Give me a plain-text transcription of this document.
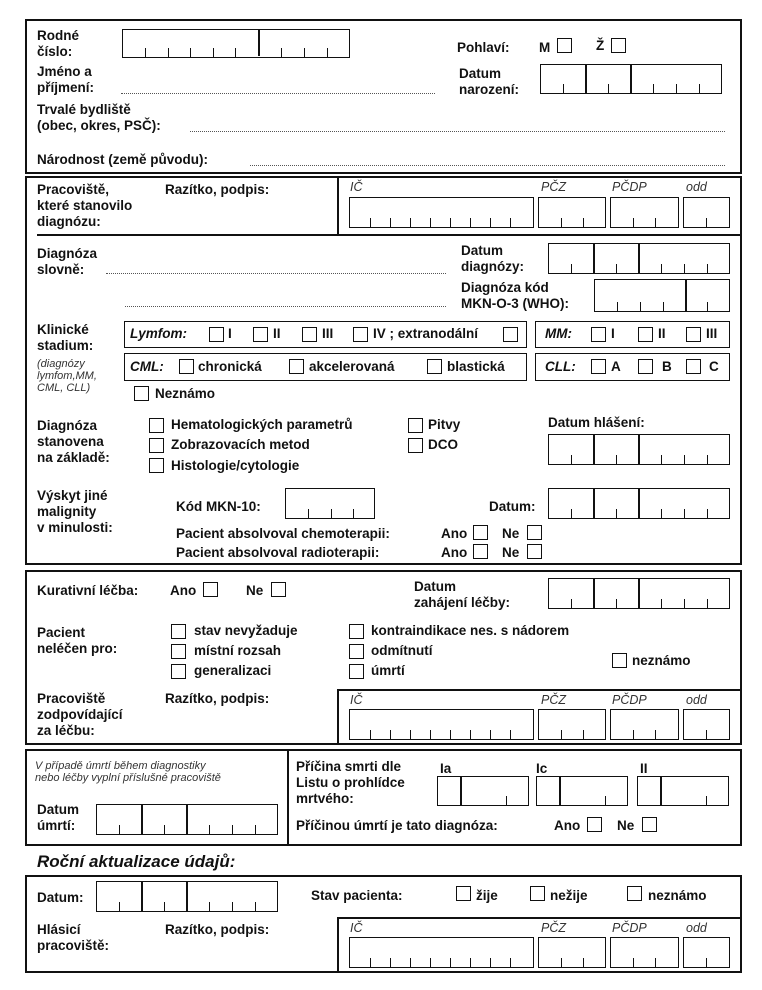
Rodné
číslo:	Pohlaví: M	Ž
Jméno a
příjmení:
Datum
narození:
Trvalé bydliště
(obec, okres, PSČ):
Národnost (země původu):
Pracoviště,
které stanovilo
diagnózu:
Razítko, podpis:	IČ	PČZ	PČDP	odd
Diagnóza
slovně:
Datum
diagnózy:
Diagnóza kód
MKN-O-3 (WHO):
Klinické
stadium:
(diagnózy
lymfom,MM,
CML, CLL)
Lymfom:	I	II	III	IV ; extranodální	MM:	I	II	III
CML:	chronická	akcelerovaná	blastická	CLL:	A	B	C
Neznámo
Diagnóza
stanovena
na základě:
Hematologických parametrů
Zobrazovacích metod
Histologie/cytologie
Pitvy
DCO
Datum hlášení:
Výskyt jiné
malignity
v minulosti:
Kód MKN-10:	Datum:
Pacient absolvoval chemoterapii:	Ano	Ne
Pacient absolvoval radioterapii:	Ano	Ne
Kurativní léčba: Ano	Ne	Datum
zahájení léčby:
Pacient
neléčen pro:
stav nevyžaduje
místní rozsah
generalizaci
kontraindikace nes. s nádorem
odmítnutí
úmrtí
neznámo
Pracoviště
zodpovídající
za léčbu:
Razítko, podpis:	IČ	PČZ	PČDP	odd
V případě úmrtí během diagnostiky
nebo léčby vyplní příslušné pracoviště
Datum
úmrtí:
Příčina smrti dle
Listu o prohlídce
mrtvého:
Ia	Ic	II
Příčinou úmrtí je tato diagnóza:	Ano	Ne
Roční aktualizace údajů:
Datum:	Stav pacienta:	žije	nežije	neznámo
Hlásicí
pracoviště:
Razítko, podpis:	IČ	PČZ	PČDP	odd
